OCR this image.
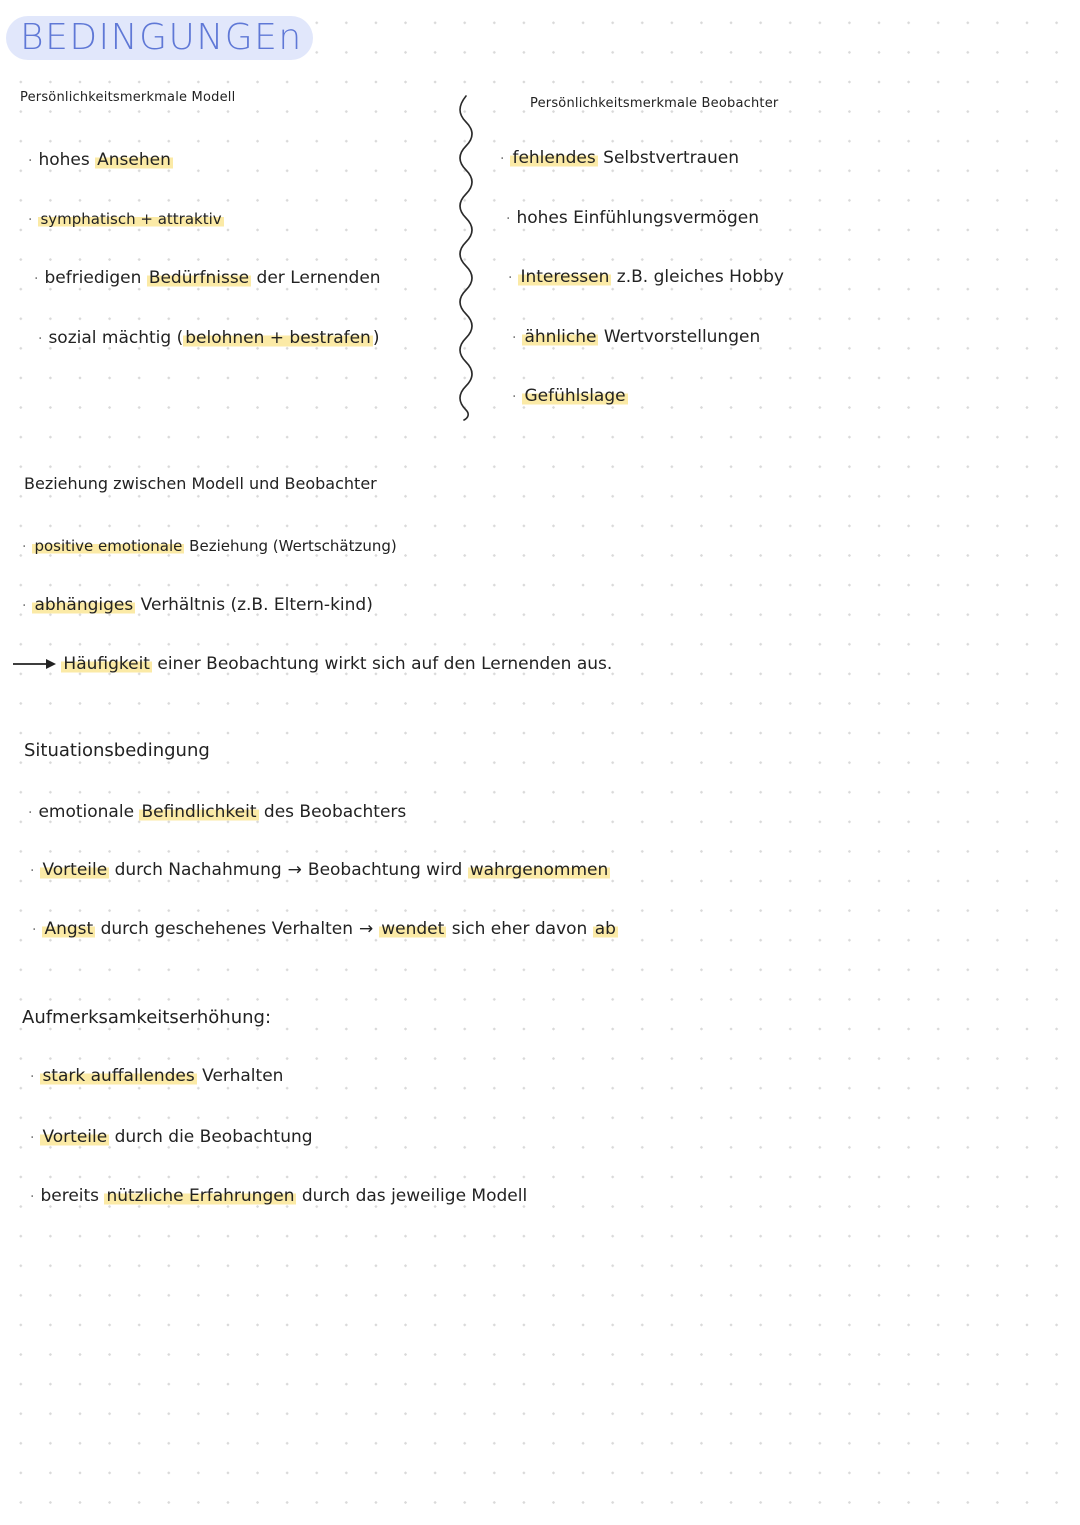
BEDINGUNGEn
Persönlichkeitsmerkmale Modell
· hohes Ansehen
· symphatisch + attraktiv
· befriedigen Bedürfnisse der Lernenden
· sozial mächtig ( belohnen + bestrafen )
Persönlichkeitsmerkmale Beobachter
· fehlendes Selbstvertrauen
· hohes Einfühlungsvermögen
· Interessen z.B. gleiches Hobby
· ähnliche Wertvorstellungen
· Gefühlslage
Beziehung zwischen Modell und Beobachter
· positive emotionale Beziehung (Wertschätzung)
· abhängiges Verhältnis (z.B. Eltern-kind)
Häufigkeit einer Beobachtung wirkt sich auf den Lernenden aus.
Situationsbedingung
· emotionale Befindlichkeit des Beobachters
· Vorteile durch Nachahmung → Beobachtung wird wahrgenommen
· Angst durch geschehenes Verhalten → wendet sich eher davon ab
Aufmerksamkeitserhöhung:
· stark auffallendes Verhalten
· Vorteile durch die Beobachtung
· bereits nützliche Erfahrungen durch das jeweilige Modell
